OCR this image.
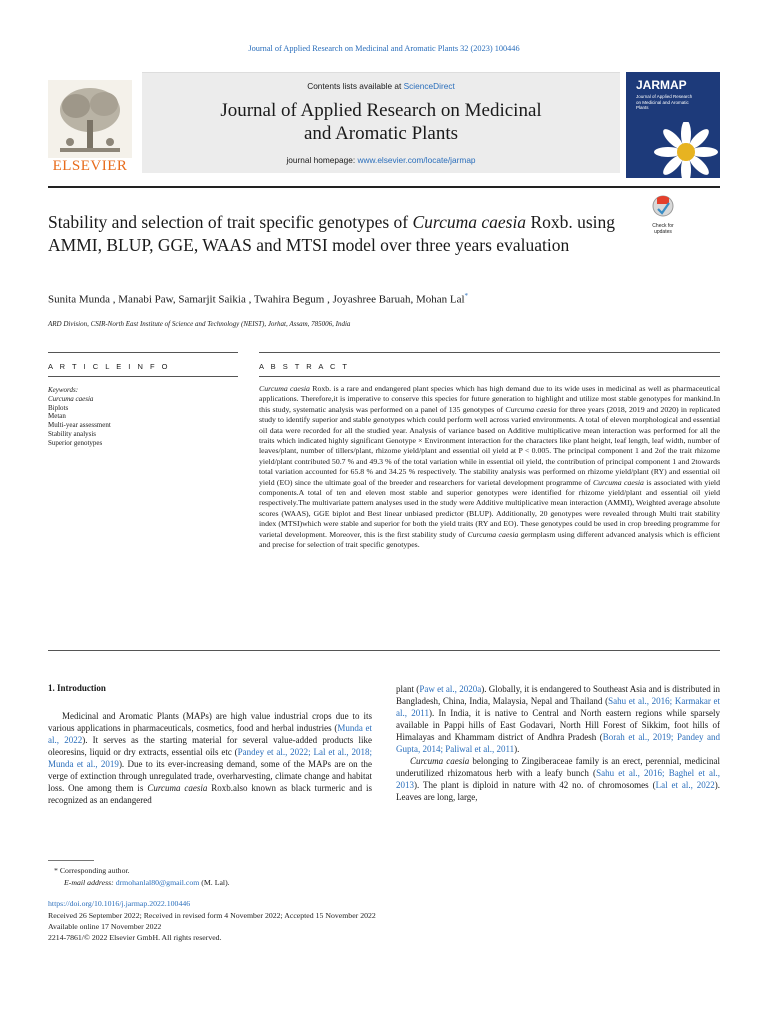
Journal of Applied Research on Medicinal and Aromatic Plants 32 (2023) 100446
ELSEVIER
Contents lists available at ScienceDirect
Journal of Applied Research on Medicinal and Aromatic Plants
journal homepage: www.elsevier.com/locate/jarmap
JARMAP
Journal of Applied Research on Medicinal and Aromatic Plants
Stability and selection of trait specific genotypes of Curcuma caesia Roxb. using AMMI, BLUP, GGE, WAAS and MTSI model over three years evaluation
Check for
updates
Sunita Munda , Manabi Paw, Samarjit Saikia , Twahira Begum , Joyashree Baruah, Mohan Lal*
ARD Division, CSIR-North East Institute of Science and Technology (NEIST), Jorhat, Assam, 785006, India
A R T I C L E I N F O	A B S T R A C T
Keywords:
Curcuma caesia
Biplots
Metan
Multi-year assessment
Stability analysis
Superior genotypes
Curcuma caesia Roxb. is a rare and endangered plant species which has high demand due to its wide uses in medicinal as well as pharmaceutical applications. Therefore,it is imperative to conserve this species for future generation to highlight and utilize most stable genotypes for mankind.In this study, systematic analysis was performed on a panel of 135 genotypes of Curcuma caesia for three years (2018, 2019 and 2020) in replicated study to identify superior and stable genotypes which could perform well across varied environments. A total of eleven morphological and essential oil data were recorded for all the studied year. Analysis of variance based on Additive multiplicative mean interaction was performed for all the traits which indicated highly significant Genotype × Environment interaction for the characters like plant height, leaf length, leaf width, number of leaves/plant, number of tillers/plant, rhizome yield/plant and essential oil yield at P < 0.005. The principal component 1 and 2of the trait rhizome yield/plant contributed 50.7 % and 49.3 % of the total variation while in essential oil yield, the contribution of principal component 1 and 2towards total variation accounted for 65.8 % and 34.25 % respectively. The stability analysis was performed on rhizome yield/plant (RY) and essential oil yield (EO) since the ultimate goal of the breeder and researchers for varietal development programme of Curcuma caesia is associated with yield components.A total of ten and eleven most stable and superior genotypes were identified for rhizome yield/plant and essential oil yield respectively.The multivariate pattern analyses used in the study were Additive multiplicative mean interaction (AMMI), Weighted average absolute scores (WAAS), GGE biplot and Best linear unbiased predictor (BLUP). Additionally, 20 genotypes were revealed through Multi trait stability index (MTSI)which were stable and superior for both the yield traits (RY and EO). These genotypes could be used in crop breeding programme for varietal development. Moreover, this is the first stability study of Curcuma caesia germplasm using different advanced analysis which is efficient and precise for selection of trait specific genotypes.
1. Introduction

Medicinal and Aromatic Plants (MAPs) are high value industrial crops due to its various applications in pharmaceuticals, cosmetics, food and herbal industries (Munda et al., 2022). It serves as the starting material for several value-added products like oleoresins, liquid or dry extracts, essential oils etc (Pandey et al., 2022; Lal et al., 2018; Munda et al., 2019). Due to its ever-increasing demand, some of the MAPs are on the verge of extinction through unregulated trade, overharvesting, climate change and habitat loss. One among them is Curcuma caesia Roxb.also known as black turmeric and is recognized as an endangered

plant (Paw et al., 2020a). Globally, it is endangered to Southeast Asia and is distributed in Bangladesh, China, India, Malaysia, Nepal and Thailand (Sahu et al., 2016; Karmakar et al., 2011). In India, it is native to Central and North eastern regions while sparsely available in Pappi hills of East Godavari, North Hill Forest of Sikkim, foot hills of Himalayas and Khammam district of Andhra Pradesh (Borah et al., 2019; Pandey and Gupta, 2014; Paliwal et al., 2011).

Curcuma caesia belonging to Zingiberaceae family is an erect, perennial, medicinal underutilized rhizomatous herb with a leafy bunch (Sahu et al., 2016; Baghel et al., 2013). The plant is diploid in nature with 42 no. of chromosomes (Lal et al., 2022). Leaves are long, large,

* Corresponding author.
E-mail address: drmohanlal80@gmail.com (M. Lal).
https://doi.org/10.1016/j.jarmap.2022.100446
Received 26 September 2022; Received in revised form 4 November 2022; Accepted 15 November 2022
Available online 17 November 2022
2214-7861/© 2022 Elsevier GmbH. All rights reserved.
